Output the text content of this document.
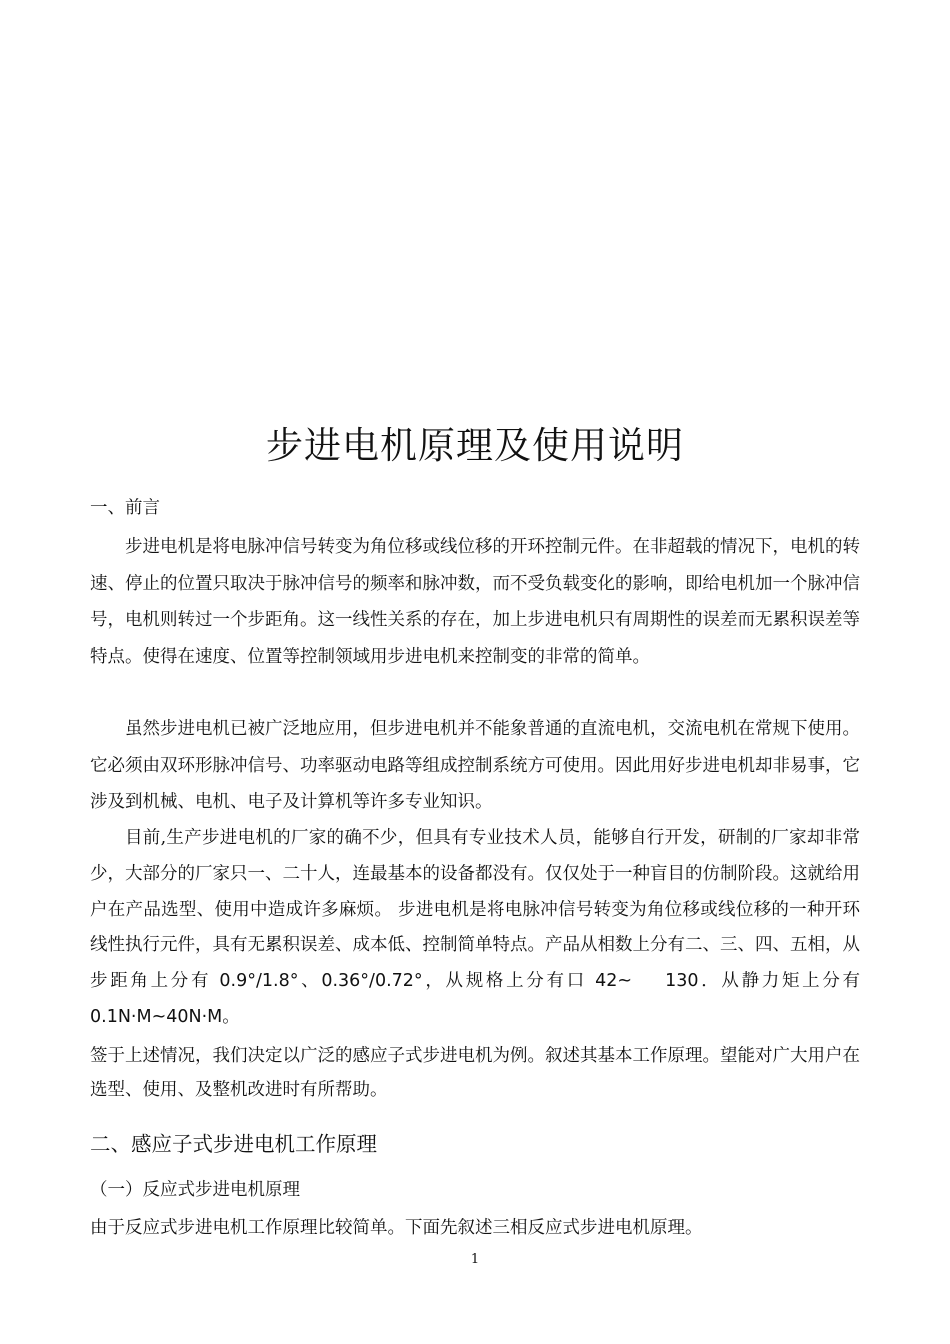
步进电机原理及使用说明

一、前言

步进电机是将电脉冲信号转变为角位移或线位移的开环控制元件。在非超载的情况下，电机的转速、停止的位置只取决于脉冲信号的频率和脉冲数，而不受负载变化的影响，即给电机加一个脉冲信号，电机则转过一个步距角。这一线性关系的存在，加上步进电机只有周期性的误差而无累积误差等特点。使得在速度、位置等控制领域用步进电机来控制变的非常的简单。

虽然步进电机已被广泛地应用，但步进电机并不能象普通的直流电机，交流电机在常规下使用。它必须由双环形脉冲信号、功率驱动电路等组成控制系统方可使用。因此用好步进电机却非易事，它涉及到机械、电机、电子及计算机等许多专业知识。

目前,生产步进电机的厂家的确不少，但具有专业技术人员，能够自行开发，研制的厂家却非常少，大部分的厂家只一、二十人，连最基本的设备都没有。仅仅处于一种盲目的仿制阶段。这就给用户在产品选型、使用中造成许多麻烦。 步进电机是将电脉冲信号转变为角位移或线位移的一种开环线性执行元件，具有无累积误差、成本低、控制简单特点。产品从相数上分有二、三、四、五相，从步距角上分有 0.9°/1.8°、0.36°/0.72°，从规格上分有口 42~    130．从静力矩上分有 0.1N·M~40N·M。

签于上述情况，我们决定以广泛的感应子式步进电机为例。叙述其基本工作原理。望能对广大用户在选型、使用、及整机改进时有所帮助。

二、感应子式步进电机工作原理

（一）反应式步进电机原理

由于反应式步进电机工作原理比较简单。下面先叙述三相反应式步进电机原理。

1
